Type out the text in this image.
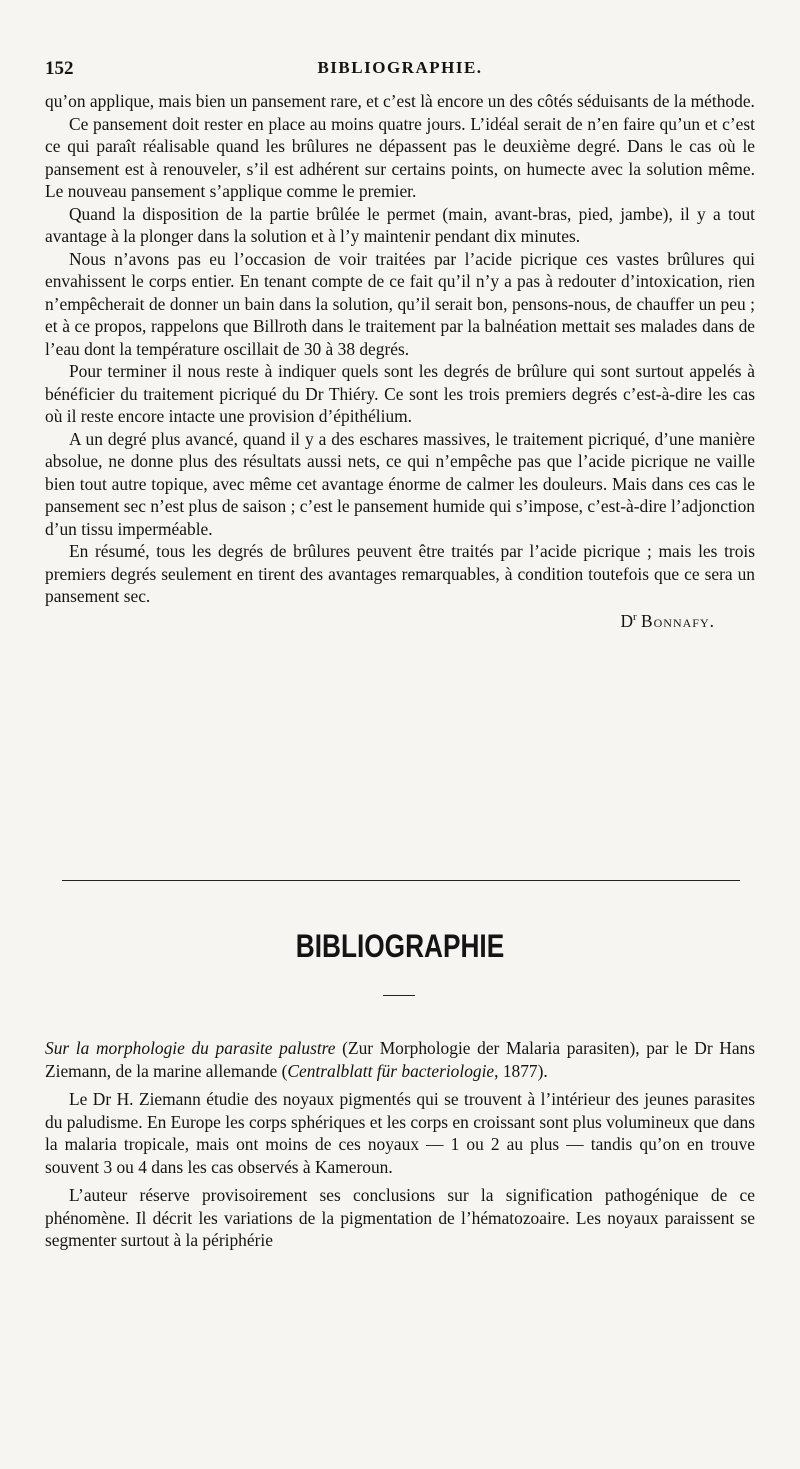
152	BIBLIOGRAPHIE.

qu’on applique, mais bien un pansement rare, et c’est là encore un des côtés séduisants de la méthode.

Ce pansement doit rester en place au moins quatre jours. L’idéal serait de n’en faire qu’un et c’est ce qui paraît réalisable quand les brûlures ne dépassent pas le deuxième degré. Dans le cas où le pansement est à renouveler, s’il est adhérent sur certains points, on humecte avec la solution même. Le nouveau pansement s’applique comme le premier.

Quand la disposition de la partie brûlée le permet (main, avant-bras, pied, jambe), il y a tout avantage à la plonger dans la solution et à l’y maintenir pendant dix minutes.

Nous n’avons pas eu l’occasion de voir traitées par l’acide picrique ces vastes brûlures qui envahissent le corps entier. En tenant compte de ce fait qu’il n’y a pas à redouter d’intoxication, rien n’empêcherait de donner un bain dans la solution, qu’il serait bon, pensons-nous, de chauffer un peu ; et à ce propos, rappelons que Billroth dans le traitement par la balnéation mettait ses malades dans de l’eau dont la température oscillait de 30 à 38 degrés.

Pour terminer il nous reste à indiquer quels sont les degrés de brûlure qui sont surtout appelés à bénéficier du traitement picriqué du Dr Thiéry. Ce sont les trois premiers degrés c’est-à-dire les cas où il reste encore intacte une provision d’épithélium.

A un degré plus avancé, quand il y a des eschares massives, le traitement picriqué, d’une manière absolue, ne donne plus des résultats aussi nets, ce qui n’empêche pas que l’acide picrique ne vaille bien tout autre topique, avec même cet avantage énorme de calmer les douleurs. Mais dans ces cas le pansement sec n’est plus de saison ; c’est le pansement humide qui s’impose, c’est-à-dire l’adjonction d’un tissu imperméable.

En résumé, tous les degrés de brûlures peuvent être traités par l’acide picrique ; mais les trois premiers degrés seulement en tirent des avantages remarquables, à condition toutefois que ce sera un pansement sec.

$D^r$ Bonnafy.
BIBLIOGRAPHIE

Sur la morphologie du parasite palustre (Zur Morphologie der Malaria parasiten), par le Dr Hans Ziemann, de la marine allemande (Centralblatt für bacteriologie, 1877).

Le Dr H. Ziemann étudie des noyaux pigmentés qui se trouvent à l’intérieur des jeunes parasites du paludisme. En Europe les corps sphériques et les corps en croissant sont plus volumineux que dans la malaria tropicale, mais ont moins de ces noyaux — 1 ou 2 au plus — tandis qu’on en trouve souvent 3 ou 4 dans les cas observés à Kameroun.

L’auteur réserve provisoirement ses conclusions sur la signification pathogénique de ce phénomène. Il décrit les variations de la pigmentation de l’hématozoaire. Les noyaux paraissent se segmenter surtout à la périphérie
